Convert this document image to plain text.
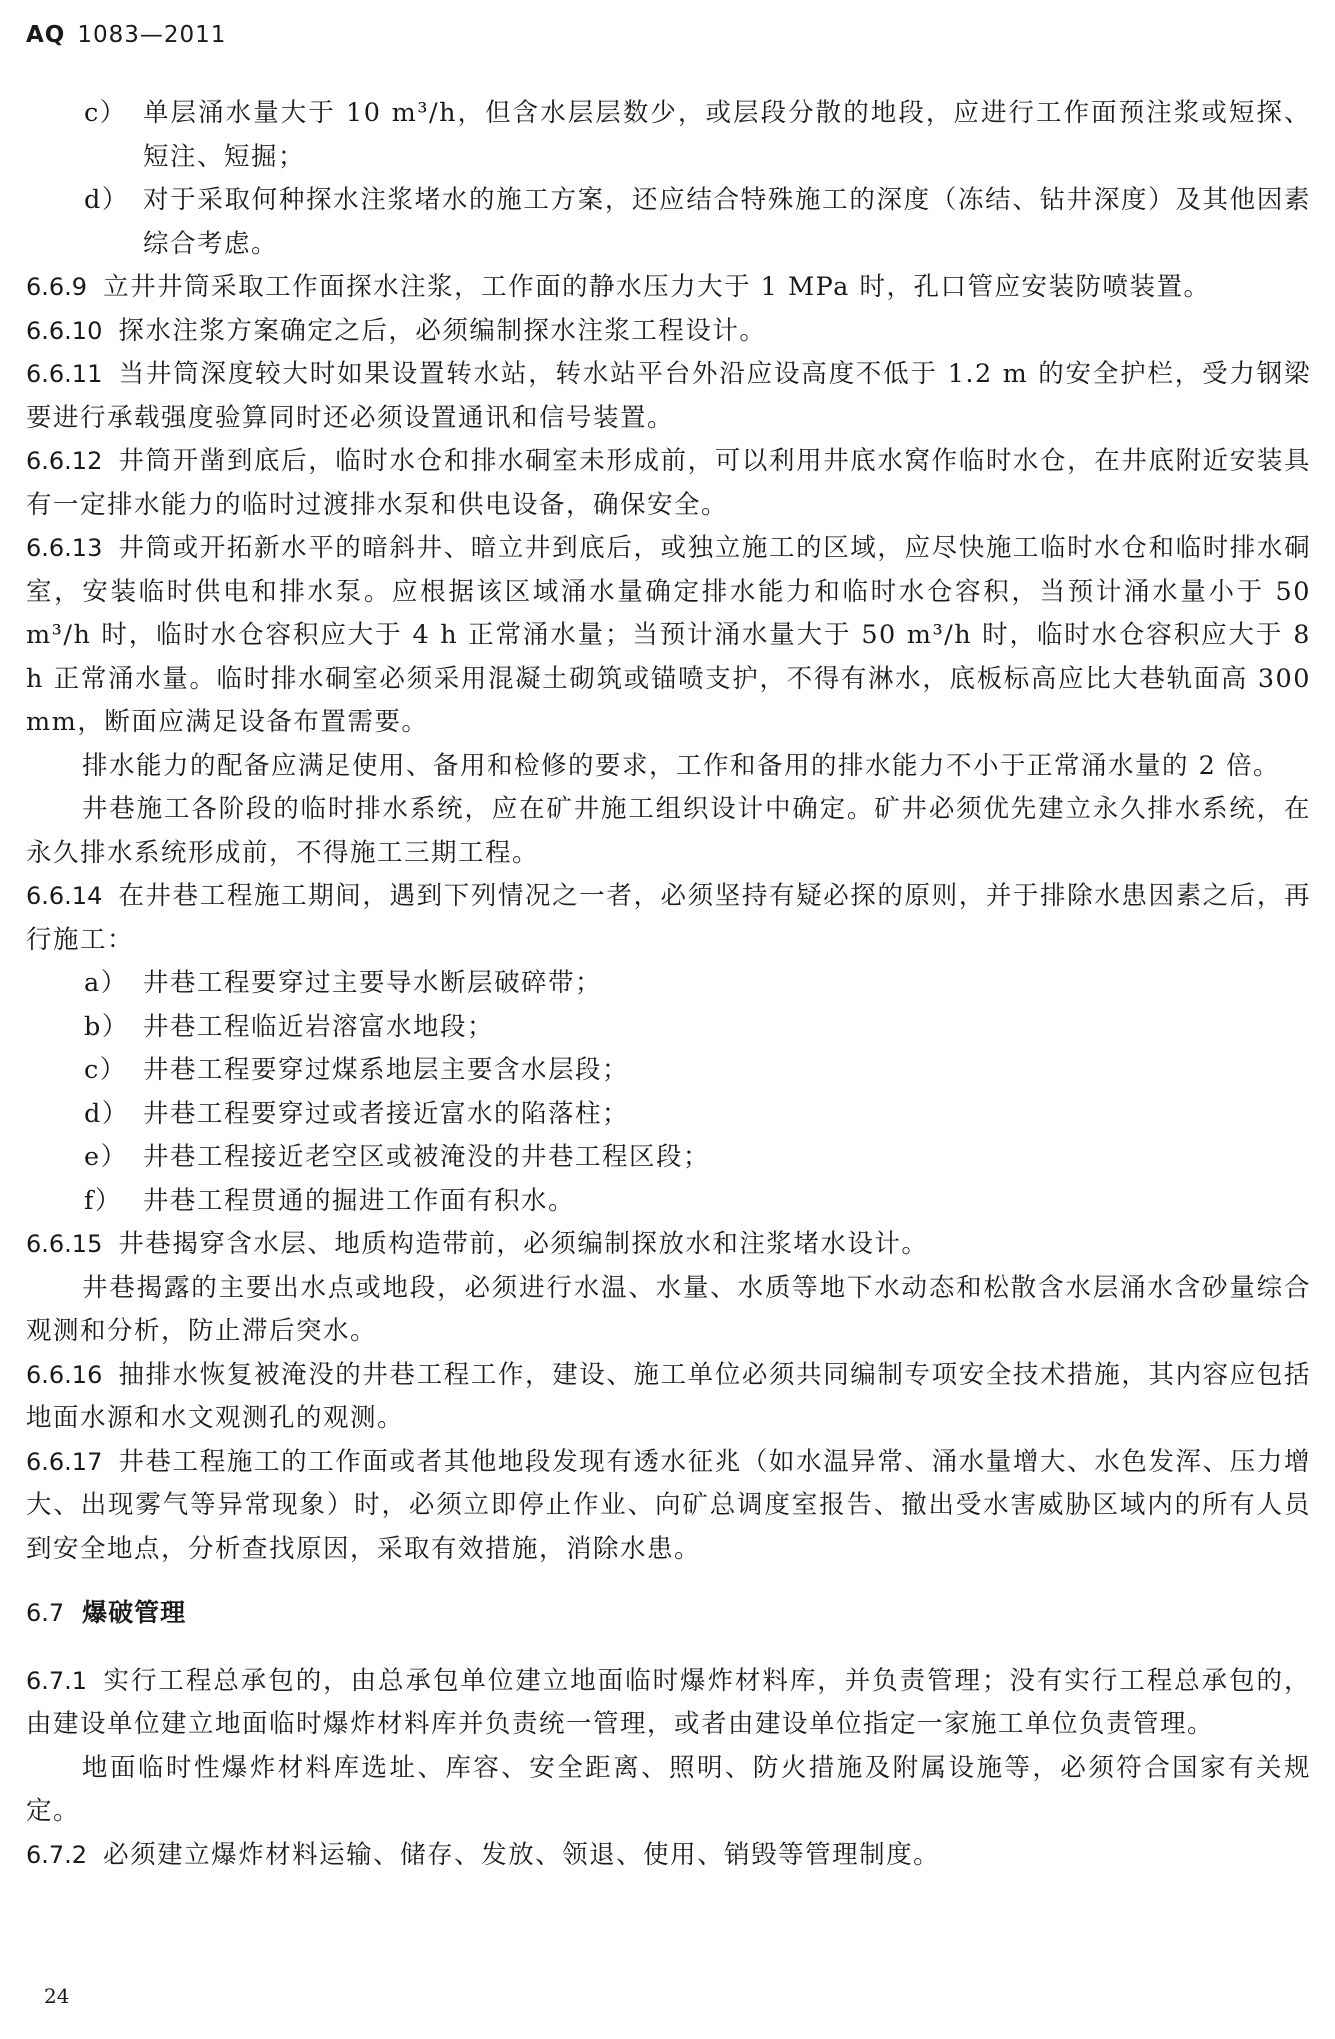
AQ 1083—2011

c） 单层涌水量大于 10 m³/h，但含水层层数少，或层段分散的地段，应进行工作面预注浆或短探、短注、短掘；

d） 对于采取何种探水注浆堵水的施工方案，还应结合特殊施工的深度（冻结、钻井深度）及其他因素综合考虑。

6.6.9 立井井筒采取工作面探水注浆，工作面的静水压力大于 1 MPa 时，孔口管应安装防喷装置。

6.6.10 探水注浆方案确定之后，必须编制探水注浆工程设计。

6.6.11 当井筒深度较大时如果设置转水站，转水站平台外沿应设高度不低于 1.2 m 的安全护栏，受力钢梁要进行承载强度验算同时还必须设置通讯和信号装置。

6.6.12 井筒开凿到底后，临时水仓和排水硐室未形成前，可以利用井底水窝作临时水仓，在井底附近安装具有一定排水能力的临时过渡排水泵和供电设备，确保安全。

6.6.13 井筒或开拓新水平的暗斜井、暗立井到底后，或独立施工的区域，应尽快施工临时水仓和临时排水硐室，安装临时供电和排水泵。应根据该区域涌水量确定排水能力和临时水仓容积，当预计涌水量小于 50 m³/h 时，临时水仓容积应大于 4 h 正常涌水量；当预计涌水量大于 50 m³/h 时，临时水仓容积应大于 8 h 正常涌水量。临时排水硐室必须采用混凝土砌筑或锚喷支护，不得有淋水，底板标高应比大巷轨面高 300 mm，断面应满足设备布置需要。

排水能力的配备应满足使用、备用和检修的要求，工作和备用的排水能力不小于正常涌水量的 2 倍。

井巷施工各阶段的临时排水系统，应在矿井施工组织设计中确定。矿井必须优先建立永久排水系统，在永久排水系统形成前，不得施工三期工程。

6.6.14 在井巷工程施工期间，遇到下列情况之一者，必须坚持有疑必探的原则，并于排除水患因素之后，再行施工：

a） 井巷工程要穿过主要导水断层破碎带；

b） 井巷工程临近岩溶富水地段；

c） 井巷工程要穿过煤系地层主要含水层段；

d） 井巷工程要穿过或者接近富水的陷落柱；

e） 井巷工程接近老空区或被淹没的井巷工程区段；

f） 井巷工程贯通的掘进工作面有积水。

6.6.15 井巷揭穿含水层、地质构造带前，必须编制探放水和注浆堵水设计。

井巷揭露的主要出水点或地段，必须进行水温、水量、水质等地下水动态和松散含水层涌水含砂量综合观测和分析，防止滞后突水。

6.6.16 抽排水恢复被淹没的井巷工程工作，建设、施工单位必须共同编制专项安全技术措施，其内容应包括地面水源和水文观测孔的观测。

6.6.17 井巷工程施工的工作面或者其他地段发现有透水征兆（如水温异常、涌水量增大、水色发浑、压力增大、出现雾气等异常现象）时，必须立即停止作业、向矿总调度室报告、撤出受水害威胁区域内的所有人员到安全地点，分析查找原因，采取有效措施，消除水患。

6.7 爆破管理

6.7.1 实行工程总承包的，由总承包单位建立地面临时爆炸材料库，并负责管理；没有实行工程总承包的，由建设单位建立地面临时爆炸材料库并负责统一管理，或者由建设单位指定一家施工单位负责管理。

地面临时性爆炸材料库选址、库容、安全距离、照明、防火措施及附属设施等，必须符合国家有关规定。

6.7.2 必须建立爆炸材料运输、储存、发放、领退、使用、销毁等管理制度。

24
